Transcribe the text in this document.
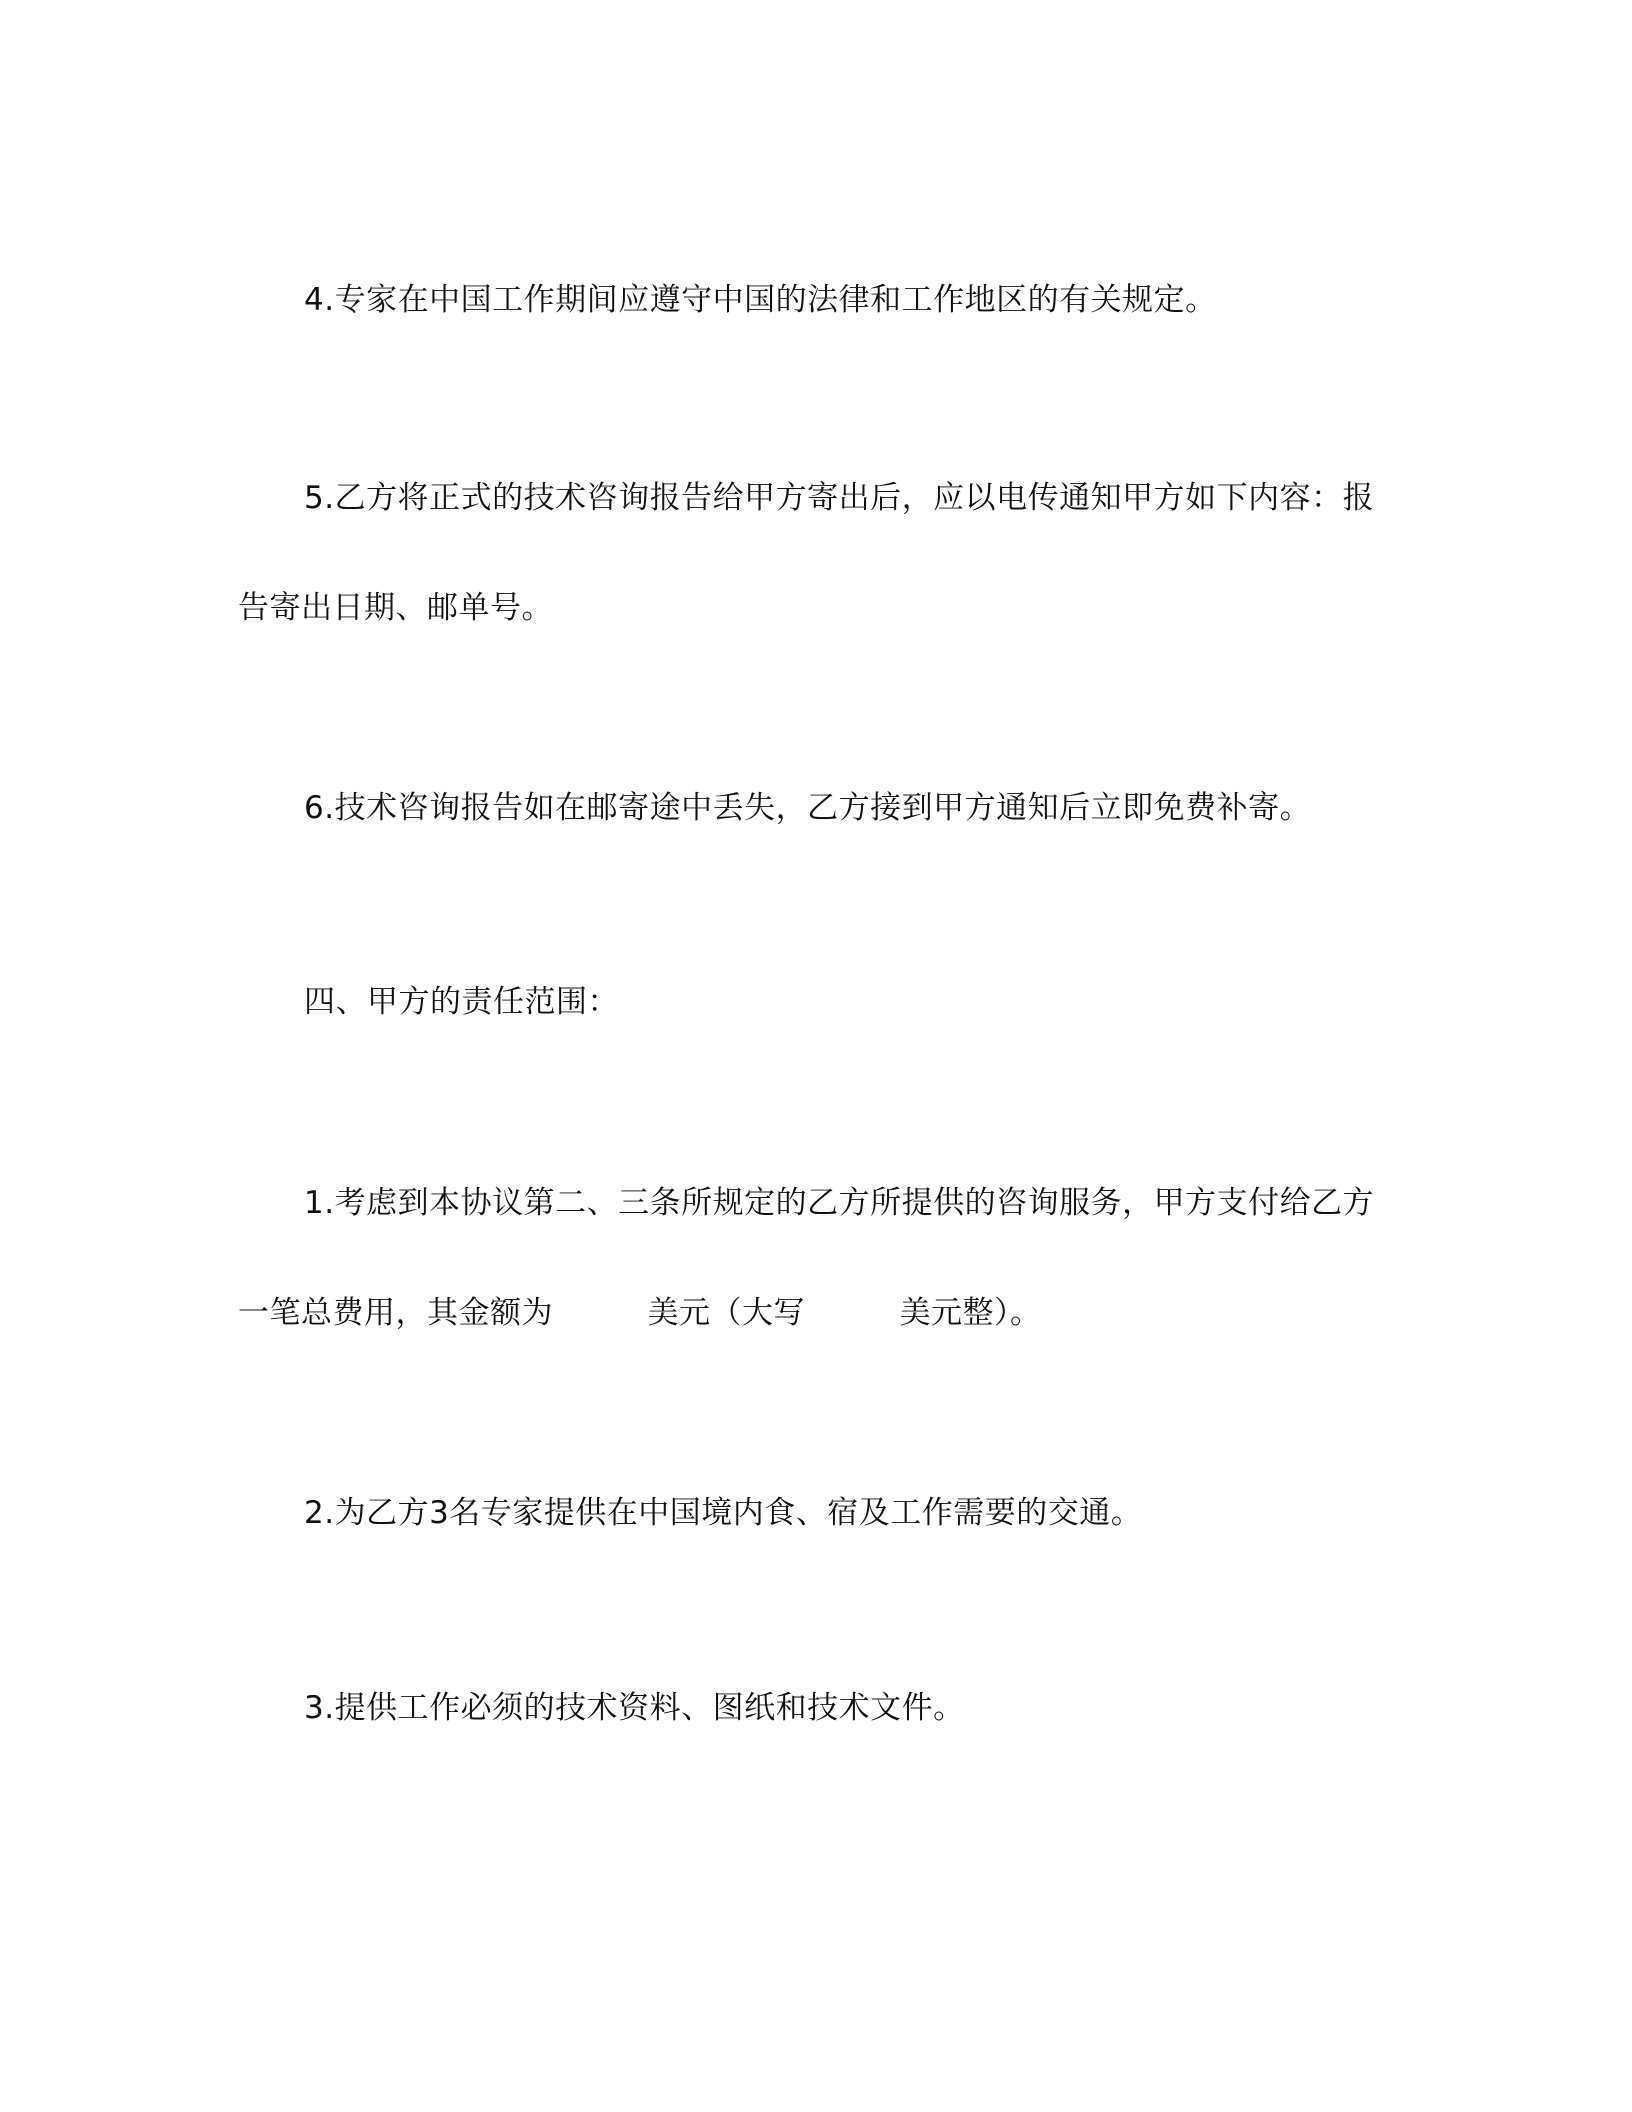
4.专家在中国工作期间应遵守中国的法律和工作地区的有关规定。
5.乙方将正式的技术咨询报告给甲方寄出后，应以电传通知甲方如下内容：报
告寄出日期、邮单号。
6.技术咨询报告如在邮寄途中丢失，乙方接到甲方通知后立即免费补寄。
四、甲方的责任范围：
1.考虑到本协议第二、三条所规定的乙方所提供的咨询服务，甲方支付给乙方
一笔总费用，其金额为　　　美元（大写　　　美元整）。
2.为乙方3名专家提供在中国境内食、宿及工作需要的交通。
3.提供工作必须的技术资料、图纸和技术文件。
